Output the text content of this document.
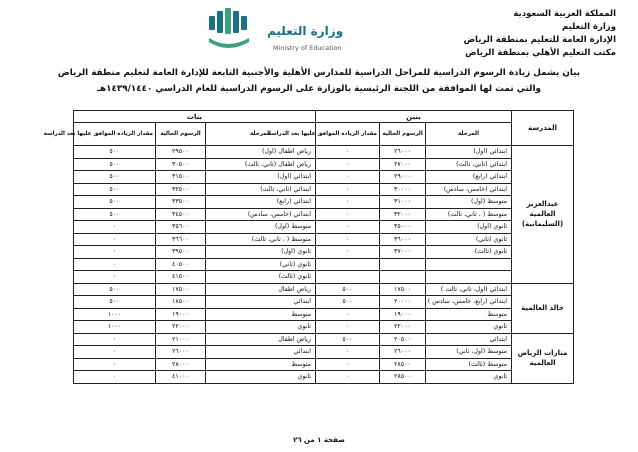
المملكة العربية السعودية
وزارة التعليم
الإدارة العامة للتعليم بمنطقة الرياض
مكتب التعليم الأهلي بمنطقة الرياض
وزارة التعليم
Ministry of Education
بيان يشمل زيادة الرسوم الدراسية للمراحل الدراسية للمدارس الأهلية والأجنبية التابعة للإدارة العامة لتعليم منطقة الرياض
والتي تمت لها الموافقة من اللجنة الرئيسية بالوزارة على الرسوم الدراسية للعام الدراسي ١٤٣٩/١٤٤٠هـ
المدرسة	بنين			بنات		
	المرحلة	الرسوم الحالية	مقدار الزيادة الموافق عليها بعد الدراسة	المرحلة	الرسوم الحالية	مقدار الزيادة الموافق عليها بعد الدراسة
عبدالعزيز العالمية (السليمانية)	ابتدائي (اول)	٢٦٠٠٠	٠	رياض اطفال (اول)	٢٩٥٠٠	٥٠٠
	ابتدائي (ثاني، ثالث)	٢٧٠٠٠	٠	رياض اطفال (ثاني، ثالث)	٣٠٥٠٠	٥٠٠
	ابتدائي (رابع)	٢٩٠٠٠	٠	ابتدائي (اول)	٣١٥٠٠	٥٠٠
	ابتدائي (خامس، سادس)	٣٠٠٠٠	٠	ابتدائي (ثاني، ثالث)	٣٢٥٠٠	٥٠٠
	متوسط (اول)	٣١٠٠٠	٠	ابتدائي (رابع)	٣٣٥٠٠	٥٠٠
	متوسط ( ، ثاني، ثالث)	٣٢٠٠٠	٠	ابتدائي (خامس، سادس)	٣٤٥٠٠	٥٠٠
	ثانوي (اول)	٣٥٠٠٠	٠	متوسط (اول)	٣٥٦٠٠	٠
	ثانوي (ثاني)	٣٦٠٠٠	٠	متوسط ( ، ثاني، ثالث)	٣٦٦٠٠	٠
	ثانوي (ثالث)	٣٧٠٠٠	٠	ثانوي (اول)	٣٩٥٠٠	٠
				ثانوي (ثاني)	٤٠٥٠٠	٠
				ثانوي (ثالث)	٤١٥٠٠	٠
خالد العالمية	ابتدائي (اول، ثاني، ثالث )	١٧٥٠٠	٥٠٠	رياض اطفال	١٧٥٠٠	٥٠٠
	ابتدائي (رابع، خامس، سادس )	٢٠٠٠٠	٥٠٠	ابتدائي	١٨٥٠٠	٥٠٠
	متوسط	١٩٠٠٠	٠	متوسط	١٩٠٠٠	١٠٠٠
	ثانوي	٢٢٠٠٠	٠	ثانوي	٢٢٠٠٠	١٠٠٠
منارات الرياض العالمية	ابتدائي	٢٠٥٠٠	٥٠٠	رياض اطفال	٢١٠٠٠	٠
	متوسط (اول، ثاني)	٢٦٠٠٠	٠	ابتدائي	٢٦٠٠٠	٠
	متوسط (ثالث)	٢٨٥٠٠	٠	متوسط	٢٨٠٠٠	٠
	ثانوي	٢٨٥٠٠	٠	ثانوي	٤١٠٠٠	٠
صفحة ١ من ٢٦
